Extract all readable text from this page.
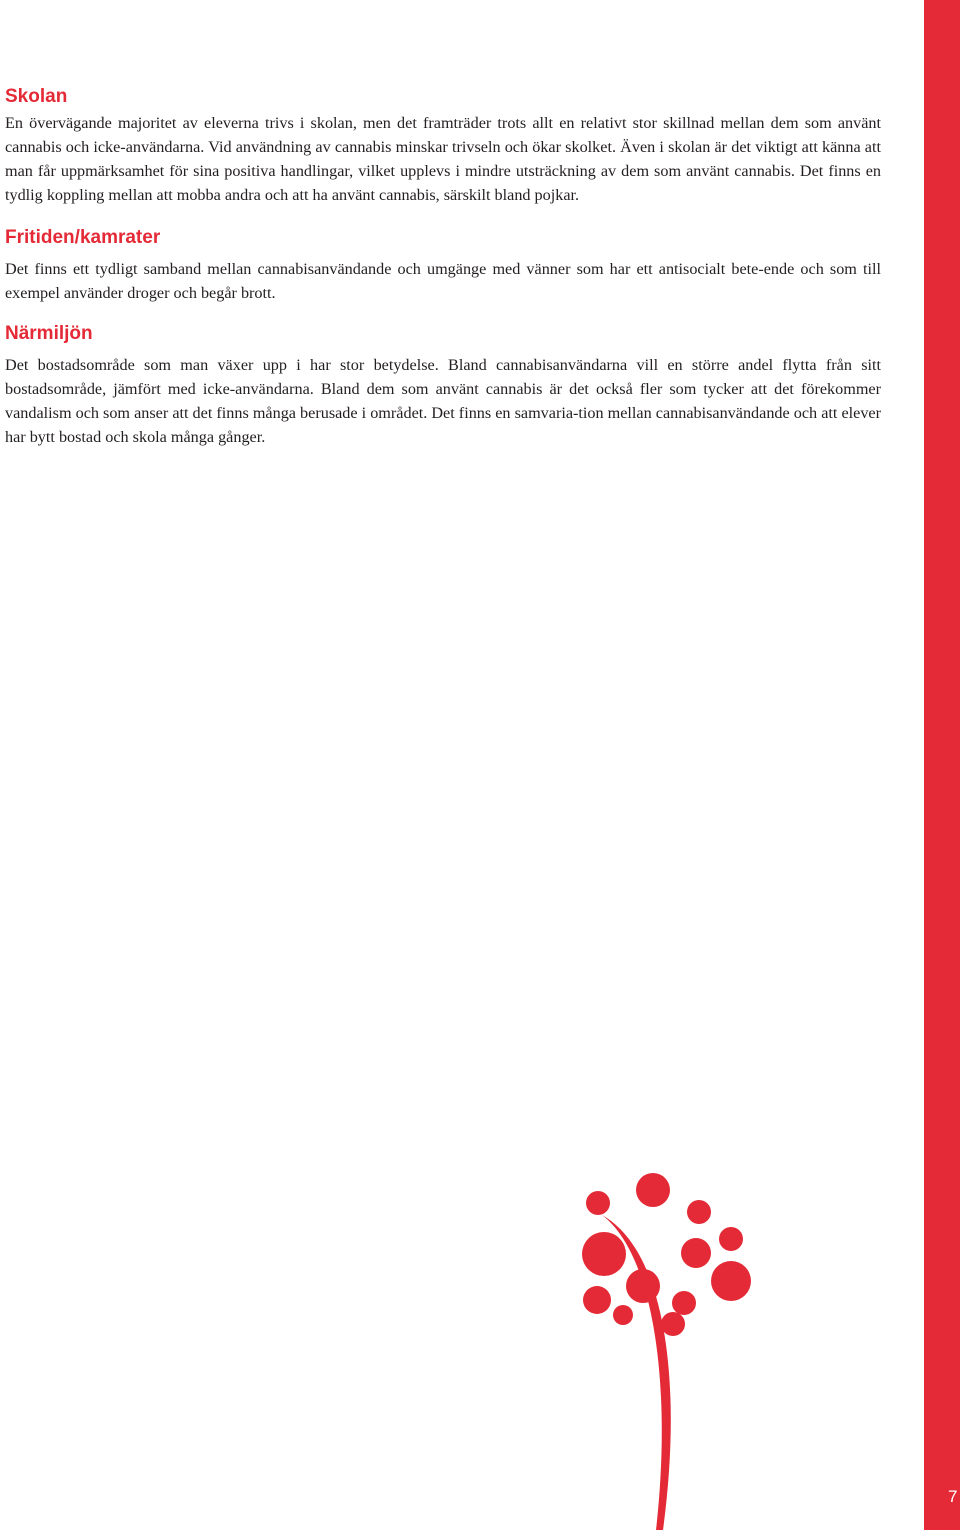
Skolan

En övervägande majoritet av eleverna trivs i skolan, men det framträder trots allt en relativt stor skillnad mellan dem som använt cannabis och icke-användarna. Vid användning av cannabis minskar trivseln och ökar skolket. Även i skolan är det viktigt att känna att man får uppmärksamhet för sina positiva handlingar, vilket upplevs i mindre utsträckning av dem som använt cannabis. Det finns en tydlig koppling mellan att mobba andra och att ha använt cannabis, särskilt bland pojkar.

Fritiden/kamrater

Det finns ett tydligt samband mellan cannabisanvändande och umgänge med vänner som har ett antisocialt bete-ende och som till exempel använder droger och begår brott.

Närmiljön

Det bostadsområde som man växer upp i har stor betydelse. Bland cannabisanvändarna vill en större andel flytta från sitt bostadsområde, jämfört med icke-användarna. Bland dem som använt cannabis är det också fler som tycker att det förekommer vandalism och som anser att det finns många berusade i området. Det finns en samvaria-tion mellan cannabisanvändande och att elever har bytt bostad och skola många gånger.

7
